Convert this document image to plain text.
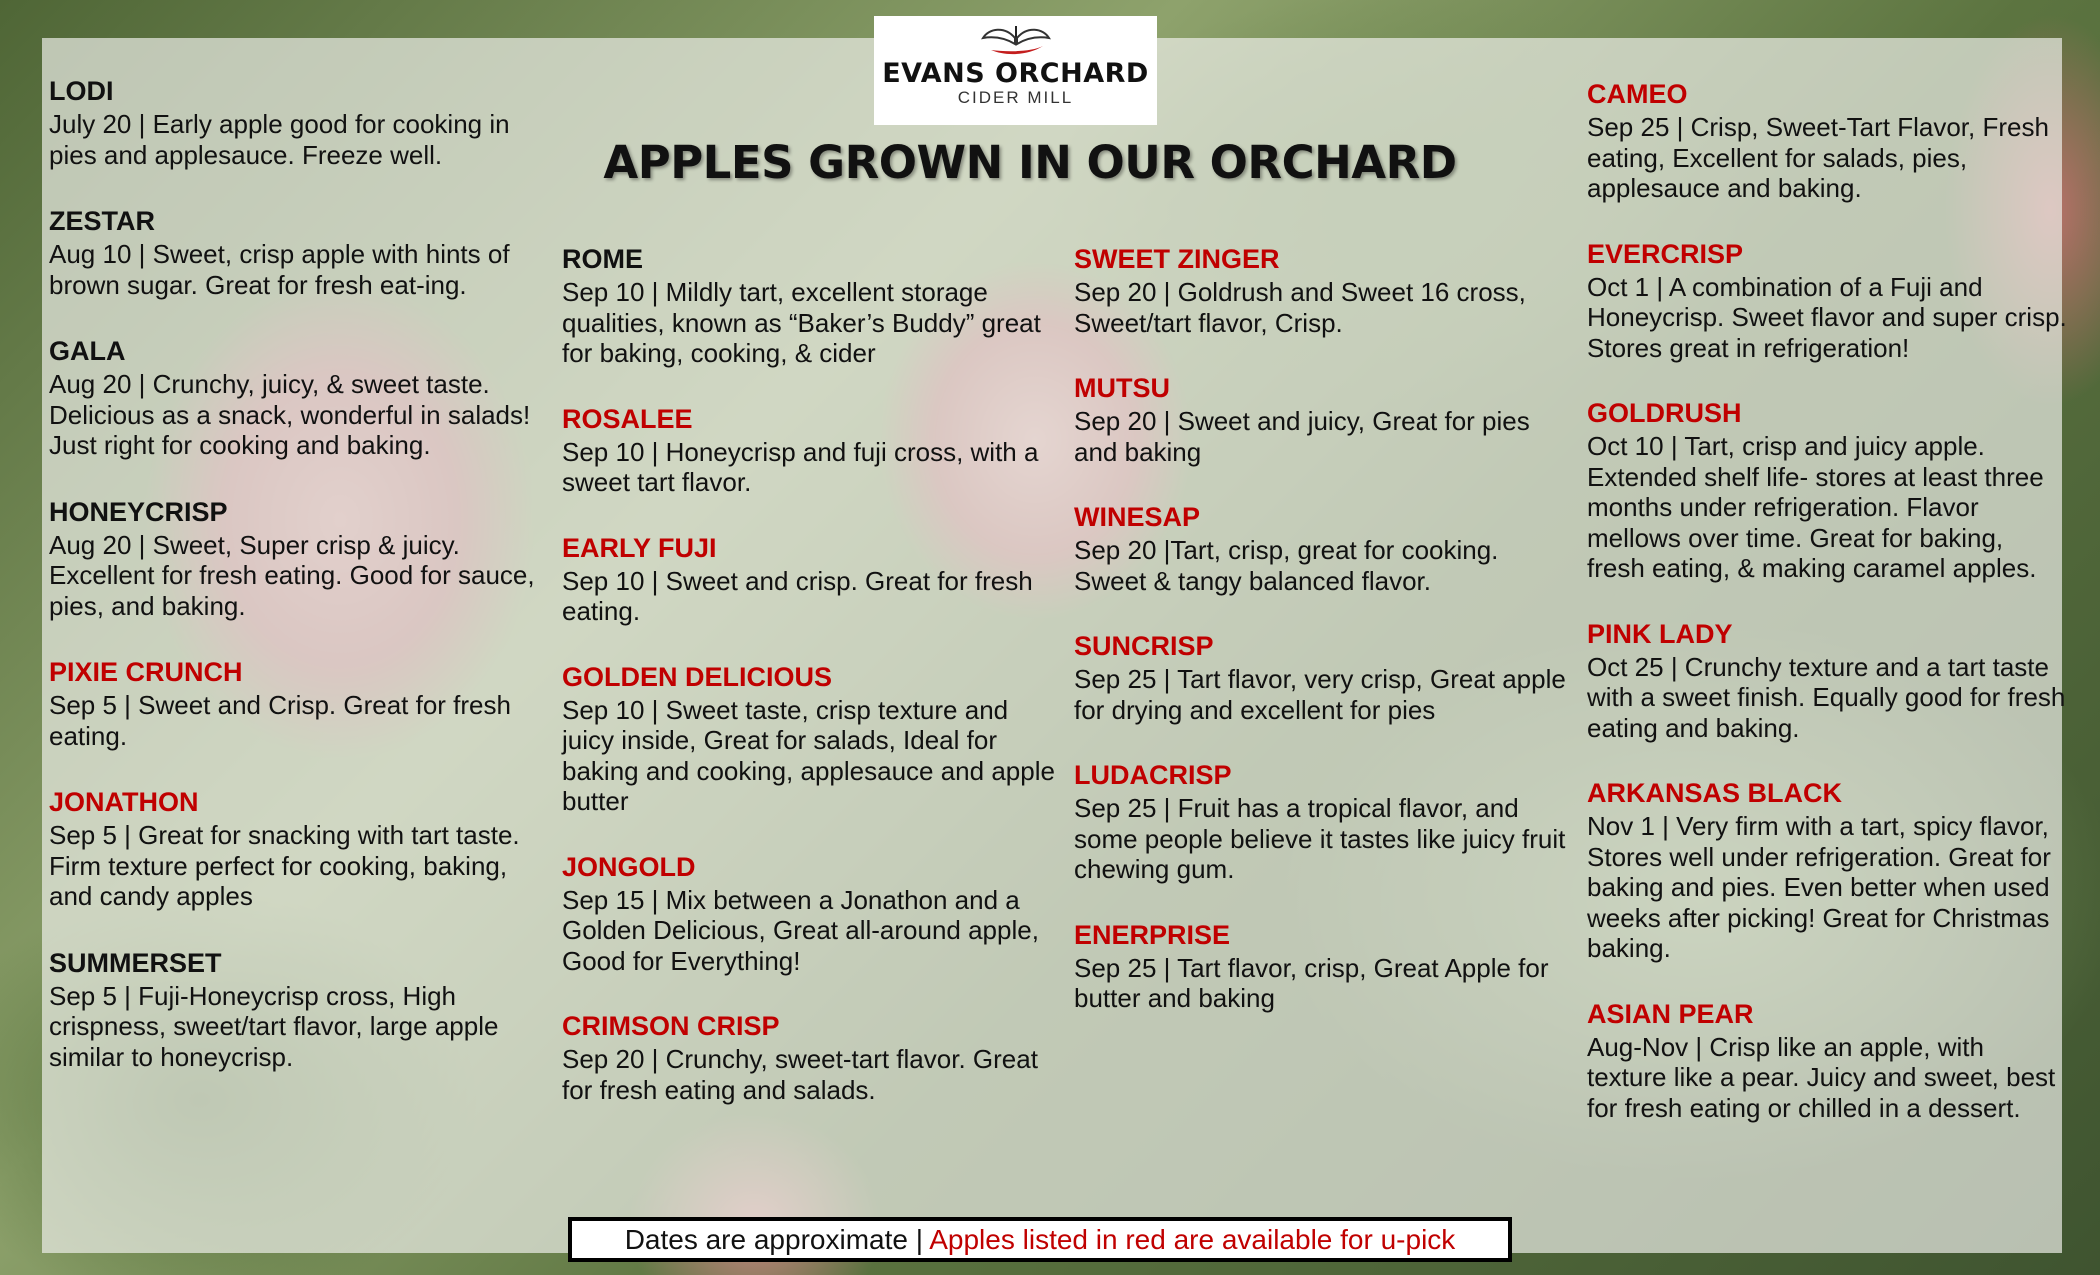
EVANS ORCHARD
CIDER MILL
APPLES GROWN IN OUR ORCHARD
LODI

July 20 | Early apple good for cooking in pies and applesauce. Freeze well.

ZESTAR

Aug 10 | Sweet, crisp apple with hints of brown sugar. Great for fresh eat-ing.

GALA

Aug 20 | Crunchy, juicy, & sweet taste. Delicious as a snack, wonderful in salads! Just right for cooking and baking.

HONEYCRISP

Aug 20 | Sweet, Super crisp & juicy. Excellent for fresh eating. Good for sauce, pies, and baking.

PIXIE CRUNCH

Sep 5 | Sweet and Crisp. Great for fresh eating.

JONATHON

Sep 5 | Great for snacking with tart taste. Firm texture perfect for cooking, baking, and candy apples

SUMMERSET

Sep 5 | Fuji-Honeycrisp cross, High crispness, sweet/tart flavor, large apple similar to honeycrisp.

ROME

Sep 10 | Mildly tart, excellent storage qualities, known as “Baker’s Buddy” great for baking, cooking, & cider

ROSALEE

Sep 10 | Honeycrisp and fuji cross, with a sweet tart flavor.

EARLY FUJI

Sep 10 | Sweet and crisp. Great for fresh eating.

GOLDEN DELICIOUS

Sep 10 | Sweet taste, crisp texture and juicy inside, Great for salads, Ideal for baking and cooking, applesauce and apple butter

JONGOLD

Sep 15 | Mix between a Jonathon and a Golden Delicious, Great all-around apple, Good for Everything!

CRIMSON CRISP

Sep 20 | Crunchy, sweet-tart flavor. Great for fresh eating and salads.

SWEET ZINGER

Sep 20 | Goldrush and Sweet 16 cross, Sweet/tart flavor, Crisp.

MUTSU

Sep 20 | Sweet and juicy, Great for pies and baking

WINESAP

Sep 20 |Tart, crisp, great for cooking. Sweet & tangy balanced flavor.

SUNCRISP

Sep 25 | Tart flavor, very crisp, Great apple for drying and excellent for pies

LUDACRISP

Sep 25 | Fruit has a tropical flavor, and some people believe it tastes like juicy fruit chewing gum.

ENERPRISE

Sep 25 | Tart flavor, crisp, Great Apple for butter and baking

CAMEO

Sep 25 | Crisp, Sweet-Tart Flavor, Fresh eating, Excellent for salads, pies, applesauce and baking.

EVERCRISP

Oct 1 | A combination of a Fuji and Honeycrisp. Sweet flavor and super crisp. Stores great in refrigeration!

GOLDRUSH

Oct 10 | Tart, crisp and juicy apple. Extended shelf life- stores at least three months under refrigeration. Flavor mellows over time. Great for baking, fresh eating, & making caramel apples.

PINK LADY

Oct 25 | Crunchy texture and a tart taste with a sweet finish. Equally good for fresh eating and baking.

ARKANSAS BLACK

Nov 1 | Very firm with a tart, spicy flavor, Stores well under refrigeration. Great for baking and pies. Even better when used weeks after picking! Great for Christmas baking.

ASIAN PEAR

Aug-Nov | Crisp like an apple, with texture like a pear. Juicy and sweet, best for fresh eating or chilled in a dessert.

Dates are approximate | Apples listed in red are available for u-pick
